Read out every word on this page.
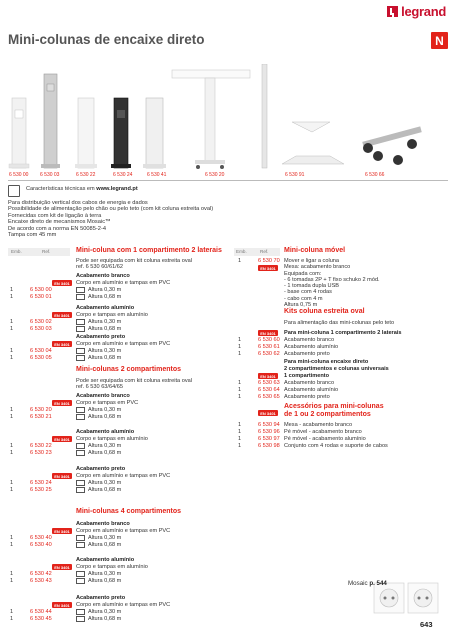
legrand
Mini-colunas de encaixe direto	N
6 530 00 6 530 03	6 530 22	6 530 24	6 530 41	6 530 20	6 530 91	6 530 66
Características técnicas em www.legrand.pt
Para distribuição vertical dos cabos de energia e dados
Possibilidade de alimentação pelo chão ou pelo teto (com kit coluna estreita oval)
Fornecidas com kit de ligação à terra
Encaixe direto de mecanismos Mosaic™
De acordo com a norma EN 50085-2-4
Tampa com 45 mm
Emb.	Ref.	Emb.	Ref.
Mini-coluna com 1 compartimento 2 laterais
Pode ser equipada com kit coluna estreita oval
ref. 6 530 60/61/62
Acabamento branco
EN 3401	Corpo em alumínio e tampas em PVC
1	6 530 00	Altura 0,30 m
1	6 530 01	Altura 0,68 m
Acabamento alumínio
EN 3401	Corpo e tampas em alumínio
1	6 530 02	Altura 0,30 m
1	6 530 03	Altura 0,68 m
Acabamento preto
EN 3401	Corpo em alumínio e tampas em PVC
1	6 530 04	Altura 0,30 m
1	6 530 05	Altura 0,68 m
Mini-colunas 2 compartimentos
Pode ser equipada com kit coluna estreita oval
ref. 6 530 63/64/65
Acabamento branco
EN 3401	Corpo e tampas em PVC
1	6 530 20	Altura 0,30 m
1	6 530 21	Altura 0,68 m
Acabamento alumínio
EN 3401	Corpo e tampas em alumínio
1	6 530 22	Altura 0,30 m
1	6 530 23	Altura 0,68 m
Acabamento preto
EN 3401	Corpo em alumínio e tampas em PVC
1	6 530 24	Altura 0,30 m
1	6 530 25	Altura 0,68 m
Mini-colunas 4 compartimentos
Acabamento branco
EN 3401	Corpo em alumínio e tampas em PVC
1	6 530 40	Altura 0,30 m
1	6 530 40	Altura 0,68 m
Acabamento alumínio
EN 3401	Corpo e tampas em alumínio
1	6 530 42	Altura 0,30 m
1	6 530 43	Altura 0,68 m
Acabamento preto
EN 3401	Corpo em alumínio e tampas em PVC
1	6 530 44	Altura 0,30 m
1	6 530 45	Altura 0,68 m
Mini-coluna móvel
1	6 530 70
EN 3401
Mover e ligar a coluna
Mesa: acabamento branco
Equipada com:
- 6 tomadas 2P + T fixo schuko 2 mód.
- 1 tomada dupla USB
- base com 4 rodas
- cabo com 4 m
Altura 0,75 m
Kits coluna estreita oval
Para alimentação das mini-colunas pelo teto
EN 3401	Para mini-coluna 1 compartimento 2 laterais
1	6 530 60 Acabamento branco
1	6 530 61 Acabamento alumínio
1	6 530 62 Acabamento preto
Para mini-coluna encaixe direto
2 compartimentos e colunas universais
EN 3401	1 compartimento
1	6 530 63 Acabamento branco
1	6 530 64 Acabamento alumínio
1	6 530 65 Acabamento preto
Acessórios para mini-colunas
EN 3401	de 1 ou 2 compartimentos
1	6 530 94 Mesa - acabamento branco
1	6 530 96 Pé móvel - acabamento branco
1	6 530 97 Pé móvel - acabamento alumínio
1	6 530 98 Conjunto com 4 rodas e suporte de cabos
Mosaic p. 544
643
